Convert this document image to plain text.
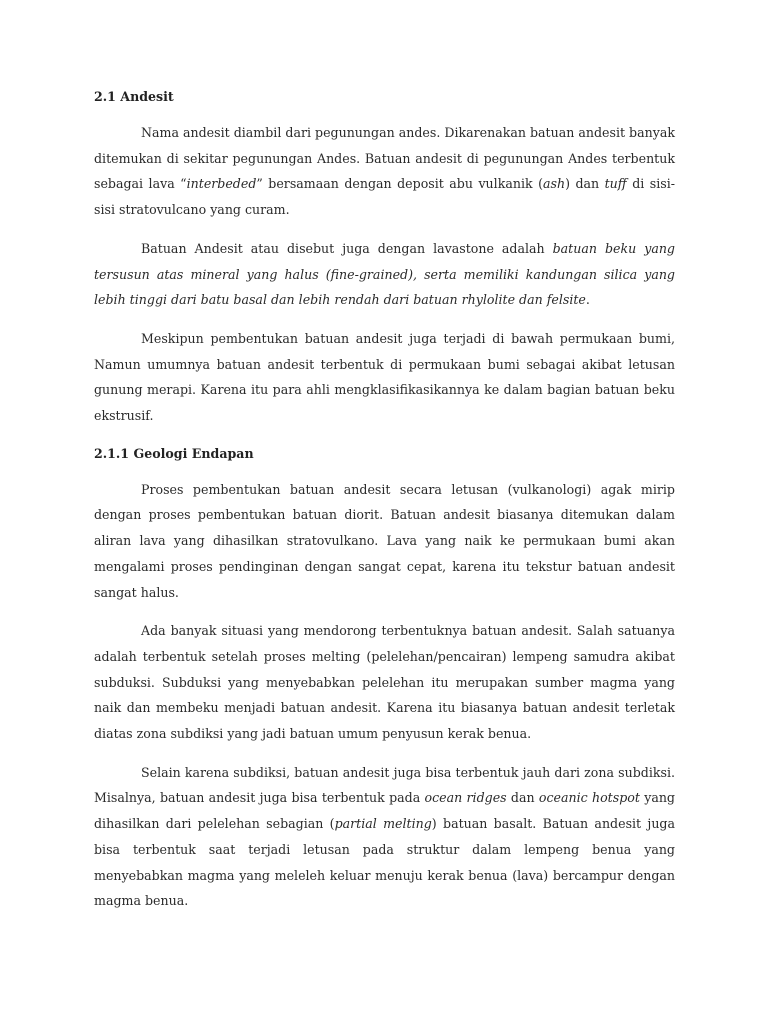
2.1 Andesit

Nama andesit diambil dari pegunungan andes. Dikarenakan batuan andesit banyak ditemukan di sekitar pegunungan Andes. Batuan andesit di pegunungan Andes terbentuk sebagai lava “interbeded” bersamaan dengan deposit abu vulkanik (ash) dan tuff di sisi-sisi stratovulcano yang curam.

Batuan Andesit atau disebut juga dengan lavastone adalah batuan beku yang tersusun atas mineral yang halus (fine-grained), serta memiliki kandungan silica yang lebih tinggi dari batu basal dan lebih rendah dari batuan rhylolite dan felsite.

Meskipun pembentukan batuan andesit juga terjadi di bawah permukaan bumi, Namun umumnya batuan andesit terbentuk di permukaan bumi sebagai akibat letusan gunung merapi. Karena itu para ahli mengklasifikasikannya ke dalam bagian batuan beku ekstrusif.

2.1.1 Geologi Endapan

Proses pembentukan batuan andesit secara letusan (vulkanologi) agak mirip dengan proses pembentukan batuan diorit. Batuan andesit biasanya ditemukan dalam aliran lava yang dihasilkan stratovulkano. Lava yang naik ke permukaan bumi akan mengalami proses pendinginan dengan sangat cepat, karena itu tekstur batuan andesit sangat halus.

Ada banyak situasi yang mendorong terbentuknya batuan andesit. Salah satuanya adalah terbentuk setelah proses melting (pelelehan/pencairan) lempeng samudra akibat subduksi. Subduksi yang menyebabkan pelelehan itu merupakan sumber magma yang naik dan membeku menjadi batuan andesit. Karena itu biasanya batuan andesit terletak diatas zona subdiksi yang jadi batuan umum penyusun kerak benua.

Selain karena subdiksi, batuan andesit juga bisa terbentuk jauh dari zona subdiksi. Misalnya, batuan andesit juga bisa terbentuk pada ocean ridges dan oceanic hotspot yang dihasilkan dari pelelehan sebagian (partial melting) batuan basalt. Batuan andesit juga bisa terbentuk saat terjadi letusan pada struktur dalam lempeng benua yang menyebabkan magma yang meleleh keluar menuju kerak benua (lava) bercampur dengan magma benua.
